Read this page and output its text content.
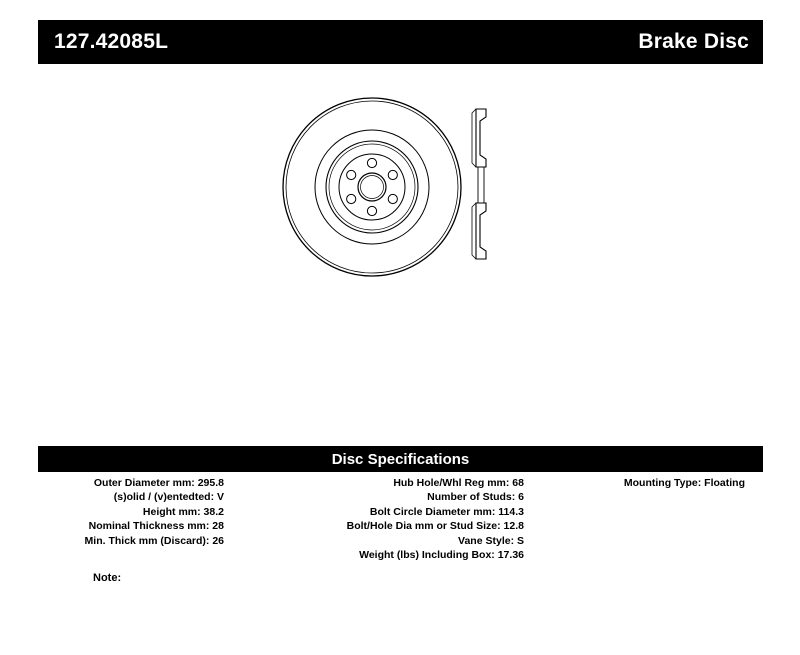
127.42085L	Brake Disc
Disc Specifications
Outer Diameter mm: 295.8
(s)olid / (v)entedted: V
Height mm: 38.2
Nominal Thickness mm: 28
Min. Thick mm (Discard): 26
Hub Hole/Whl Reg mm: 68
Number of Studs: 6
Bolt Circle Diameter mm: 114.3
Bolt/Hole Dia mm or Stud Size: 12.8
Vane Style: S
Weight (lbs) Including Box: 17.36
Mounting Type: Floating
Note:
